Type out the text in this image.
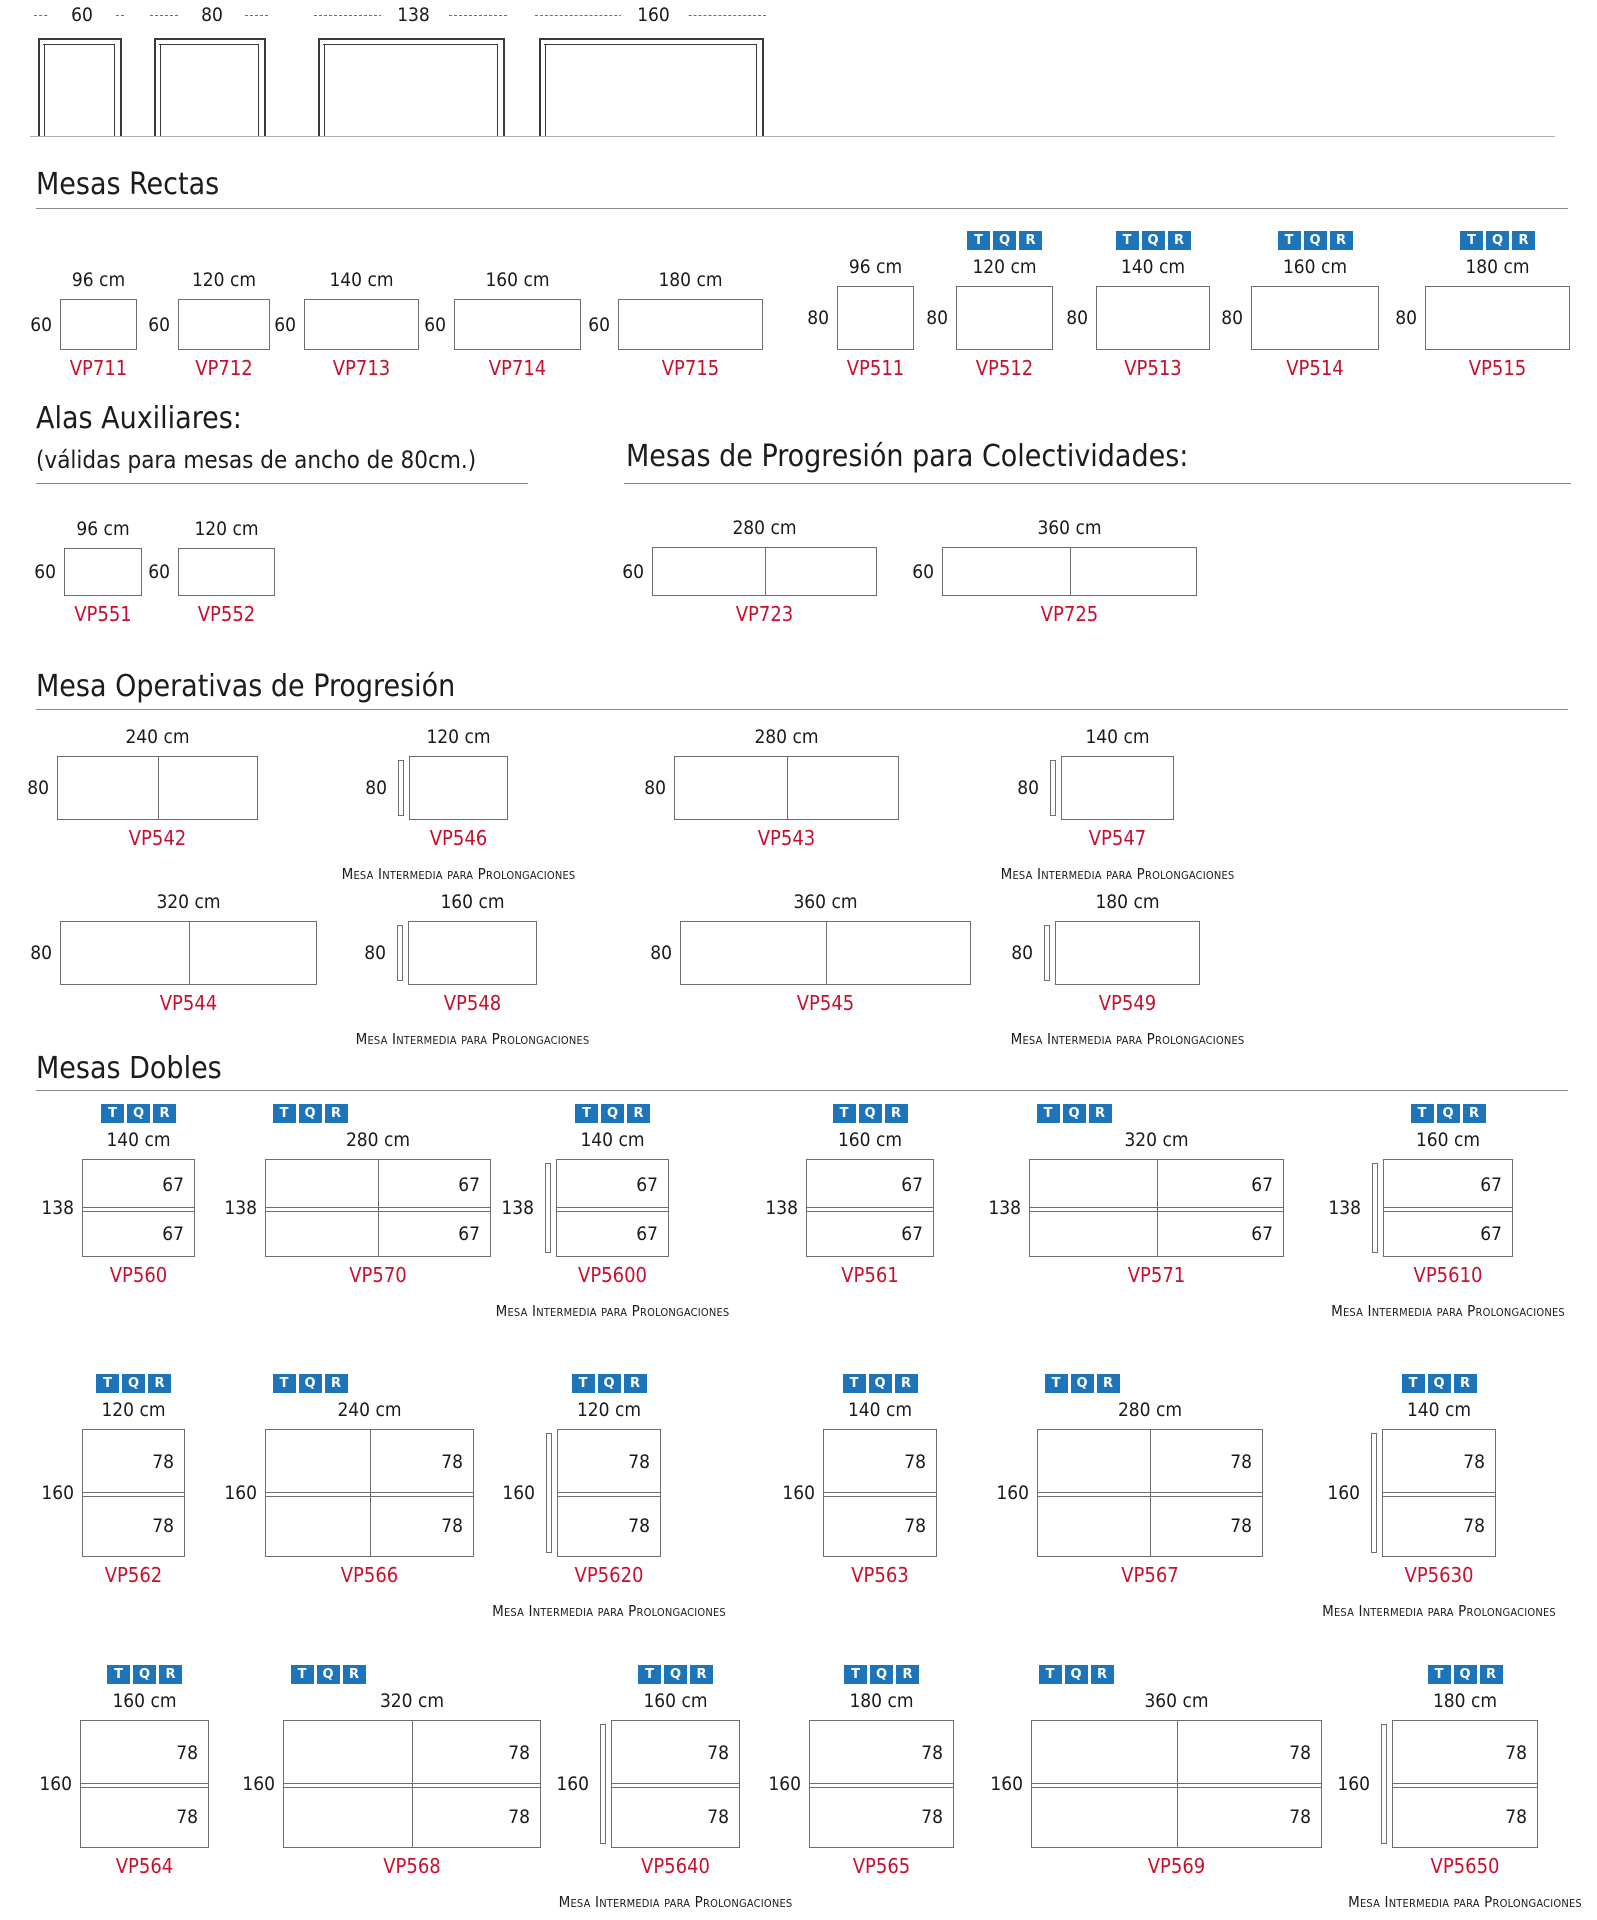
60	80	138	160
Mesas Rectas
Alas Auxiliares:
(válidas para mesas de ancho de 80cm.)	Mesas de Progresión para Colectividades:
Mesa Operativas de Progresión
Mesas Dobles
96 cm
60
VP711
120 cm
60
VP712
140 cm
60
VP713
160 cm
60
VP714
180 cm
60
VP715
96 cm
80
VP511
T	Q	R
120 cm
80
VP512
T	Q	R
140 cm
80
VP513
T	Q	R
160 cm
80
VP514
T	Q	R
180 cm
80
VP515
96 cm
60
VP551
120 cm
60
VP552
280 cm
60
VP723
360 cm
60
VP725
240 cm
80
VP542
120 cm
80
VP546
Mesa Intermedia para Prolongaciones
280 cm
80
VP543
140 cm
80
VP547
Mesa Intermedia para Prolongaciones
320 cm
80
VP544
160 cm
80
VP548
Mesa Intermedia para Prolongaciones
360 cm
80
VP545
180 cm
80
VP549
Mesa Intermedia para Prolongaciones
T	Q	R
140 cm
138
67
67
VP560
T	Q	R
280 cm
138
67
67
VP570
T	Q	R
140 cm
138
67
67
VP5600
Mesa Intermedia para Prolongaciones
T	Q	R
160 cm
138
67
67
VP561
T	Q	R
320 cm
138
67
67
VP571
T	Q	R
160 cm
138
67
67
VP5610
Mesa Intermedia para Prolongaciones
T	Q	R
120 cm
160
78
78
VP562
T	Q	R
240 cm
160
78
78
VP566
T	Q	R
120 cm
160
78
78
VP5620
Mesa Intermedia para Prolongaciones
T	Q	R
140 cm
160
78
78
VP563
T	Q	R
280 cm
160
78
78
VP567
T	Q	R
140 cm
160
78
78
VP5630
Mesa Intermedia para Prolongaciones
T	Q	R
160 cm
160
78
78
VP564
T	Q	R
320 cm
160
78
78
VP568
T	Q	R
160 cm
160
78
78
VP5640
Mesa Intermedia para Prolongaciones
T	Q	R
180 cm
160
78
78
VP565
T	Q	R
360 cm
160
78
78
VP569
T	Q	R
180 cm
160
78
78
VP5650
Mesa Intermedia para Prolongaciones
